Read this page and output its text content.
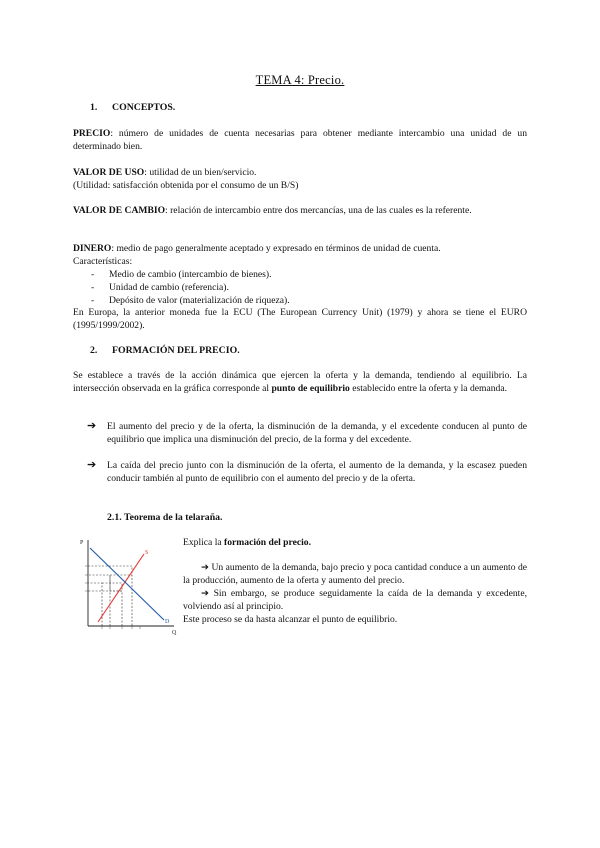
TEMA 4: Precio.
1. CONCEPTOS.
PRECIO: número de unidades de cuenta necesarias para obtener mediante intercambio una unidad de un determinado bien.
VALOR DE USO: utilidad de un bien/servicio.
(Utilidad: satisfacción obtenida por el consumo de un B/S)
VALOR DE CAMBIO: relación de intercambio entre dos mercancías, una de las cuales es la referente.
DINERO: medio de pago generalmente aceptado y expresado en términos de unidad de cuenta.
Características:
- Medio de cambio (intercambio de bienes).
- Unidad de cambio (referencia).
- Depósito de valor (materialización de riqueza).
En Europa, la anterior moneda fue la ECU (The European Currency Unit) (1979) y ahora se tiene el EURO (1995/1999/2002).
2. FORMACIÓN DEL PRECIO.
Se establece a través de la acción dinámica que ejercen la oferta y la demanda, tendiendo al equilibrio. La intersección observada en la gráfica corresponde al punto de equilibrio establecido entre la oferta y la demanda.
➔	El aumento del precio y de la oferta, la disminución de la demanda, y el excedente conducen al punto de equilibrio que implica una disminución del precio, de la forma y del excedente.
➔	La caída del precio junto con la disminución de la oferta, el aumento de la demanda, y la escasez pueden conducir también al punto de equilibrio con el aumento del precio y de la oferta.
2.1. Teorema de la telaraña.
P
Q
S
D
Explica la formación del precio.
➔ Un aumento de la demanda, bajo precio y poca cantidad conduce a un aumento de la producción, aumento de la oferta y aumento del precio.
➔ Sin embargo, se produce seguidamente la caída de la demanda y excedente, volviendo así al principio.
Este proceso se da hasta alcanzar el punto de equilibrio.
